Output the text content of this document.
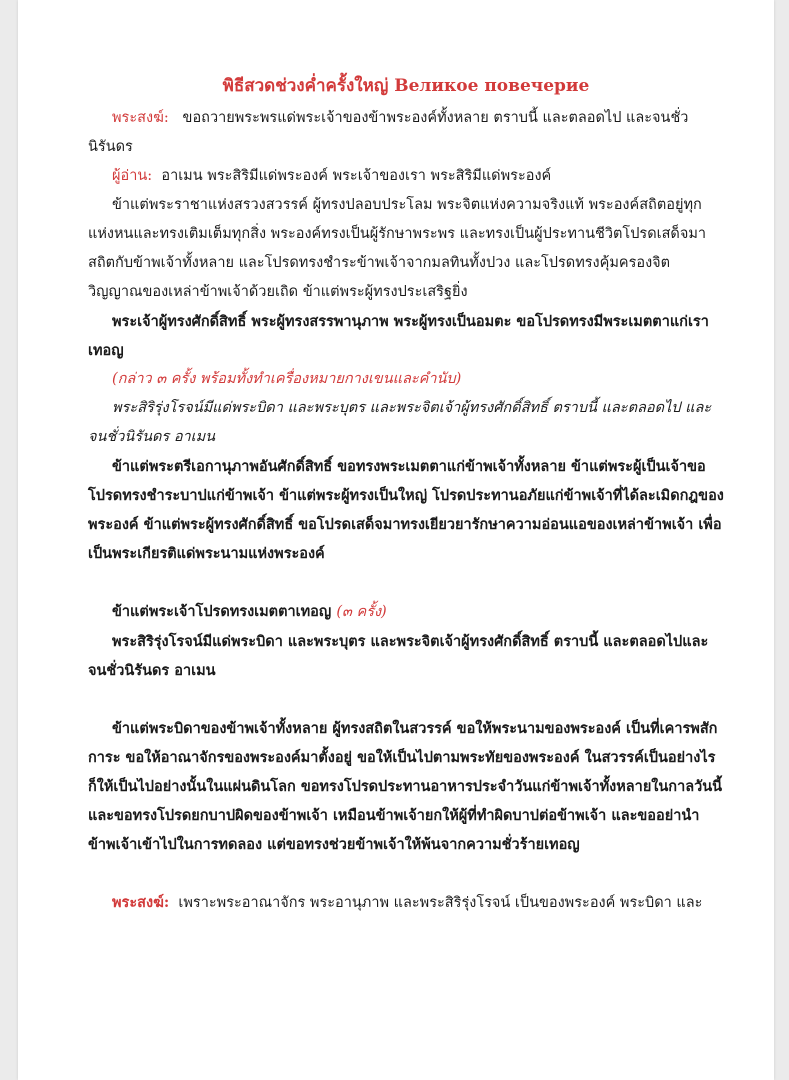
พิธีสวดช่วงค่ำครั้งใหญ่ Великое повечерие

พระสงฆ์: ขอถวายพระพรแด่พระเจ้าของข้าพระองค์ทั้งหลาย ตราบนี้ และตลอดไป และจนชั่วนิรันดร

ผู้อ่าน: อาเมน พระสิริมีแด่พระองค์ พระเจ้าของเรา พระสิริมีแด่พระองค์

ข้าแต่พระราชาแห่งสรวงสวรรค์ ผู้ทรงปลอบประโลม พระจิตแห่งความจริงแท้ พระองค์สถิตอยู่ทุกแห่งหนและทรงเติมเต็มทุกสิ่ง พระองค์ทรงเป็นผู้รักษาพระพร และทรงเป็นผู้ประทานชีวิตโปรดเสด็จมาสถิตกับข้าพเจ้าทั้งหลาย และโปรดทรงชำระข้าพเจ้าจากมลทินทั้งปวง และโปรดทรงคุ้มครองจิตวิญญาณของเหล่าข้าพเจ้าด้วยเถิด ข้าแต่พระผู้ทรงประเสริฐยิ่ง

พระเจ้าผู้ทรงศักดิ์สิทธิ์ พระผู้ทรงสรรพานุภาพ พระผู้ทรงเป็นอมตะ ขอโปรดทรงมีพระเมตตาแก่เราเทอญ

(กล่าว ๓ ครั้ง พร้อมทั้งทำเครื่องหมายกางเขนและคำนับ)

พระสิริรุ่งโรจน์มีแด่พระบิดา และพระบุตร และพระจิตเจ้าผู้ทรงศักดิ์สิทธิ์ ตราบนี้ และตลอดไป และจนชั่วนิรันดร อาเมน

ข้าแต่พระตรีเอกานุภาพอันศักดิ์สิทธิ์ ขอทรงพระเมตตาแก่ข้าพเจ้าทั้งหลาย ข้าแต่พระผู้เป็นเจ้าขอโปรดทรงชำระบาปแก่ข้าพเจ้า ข้าแต่พระผู้ทรงเป็นใหญ่ โปรดประทานอภัยแก่ข้าพเจ้าที่ได้ละเมิดกฎของพระองค์ ข้าแต่พระผู้ทรงศักดิ์สิทธิ์ ขอโปรดเสด็จมาทรงเยียวยารักษาความอ่อนแอของเหล่าข้าพเจ้า เพื่อเป็นพระเกียรติแด่พระนามแห่งพระองค์

ข้าแต่พระเจ้าโปรดทรงเมตตาเทอญ (๓ ครั้ง)

พระสิริรุ่งโรจน์มีแด่พระบิดา และพระบุตร และพระจิตเจ้าผู้ทรงศักดิ์สิทธิ์ ตราบนี้ และตลอดไปและจนชั่วนิรันดร อาเมน

ข้าแต่พระบิดาของข้าพเจ้าทั้งหลาย ผู้ทรงสถิตในสวรรค์ ขอให้พระนามของพระองค์ เป็นที่เคารพสักการะ ขอให้อาณาจักรของพระองค์มาตั้งอยู่ ขอให้เป็นไปตามพระทัยของพระองค์ ในสวรรค์เป็นอย่างไร ก็ให้เป็นไปอย่างนั้นในแผ่นดินโลก ขอทรงโปรดประทานอาหารประจำวันแก่ข้าพเจ้าทั้งหลายในกาลวันนี้ และขอทรงโปรดยกบาปผิดของข้าพเจ้า เหมือนข้าพเจ้ายกให้ผู้ที่ทำผิดบาปต่อข้าพเจ้า และขออย่านำข้าพเจ้าเข้าไปในการทดลอง แต่ขอทรงช่วยข้าพเจ้าให้พ้นจากความชั่วร้ายเทอญ

พระสงฆ์: เพราะพระอาณาจักร พระอานุภาพ และพระสิริรุ่งโรจน์ เป็นของพระองค์ พระบิดา และ
